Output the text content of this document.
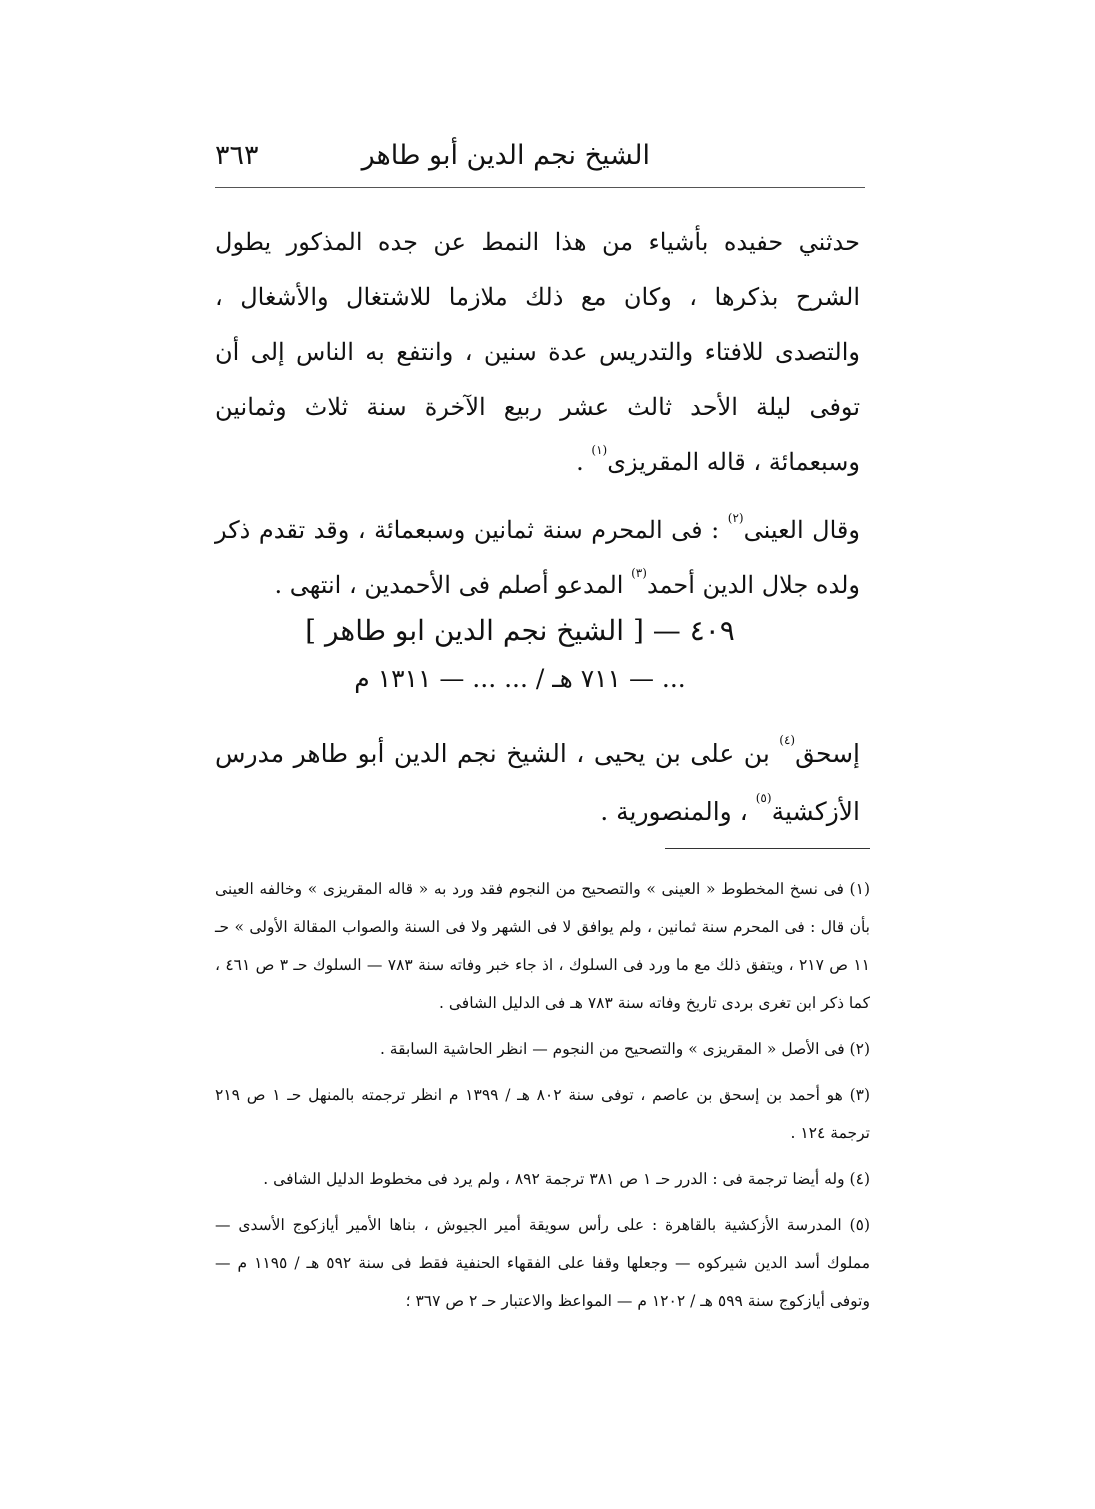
الشيخ نجم الدين أبو طاهر
٣٦٣

حدثني حفيده بأشياء من هذا النمط عن جده المذكور يطول الشرح بذكرها ، وكان مع ذلك ملازما للاشتغال والأشغال ، والتصدى للافتاء والتدريس عدة سنين ، وانتفع به الناس إلى أن توفى ليلة الأحد ثالث عشر ربيع الآخرة سنة ثلاث وثمانين وسبعمائة ، قاله المقريزى$^{(١)}$ .

وقال العينى$^{(٢)}$ : فى المحرم سنة ثمانين وسبعمائة ، وقد تقدم ذكر ولده جلال الدين أحمد$^{(٣)}$ المدعو أصلم فى الأحمدين ، انتهى .

٤٠٩ — [ الشيخ نجم الدين ابو طاهر ]
... — ٧١١ هـ / ... ... — ١٣١١ م
إسحق$^{(٤)}$ بن على بن يحيى ، الشيخ نجم الدين أبو طاهر مدرس الأزكشية$^{(٥)}$ ، والمنصورية .

(١) فى نسخ المخطوط « العينى » والتصحيح من النجوم فقد ورد به « قاله المقريزى » وخالفه العينى بأن قال : فى المحرم سنة ثمانين ، ولم يوافق لا فى الشهر ولا فى السنة والصواب المقالة الأولى » حـ ١١ ص ٢١٧ ، ويتفق ذلك مع ما ورد فى السلوك ، اذ جاء خبر وفاته سنة ٧٨٣ — السلوك حـ ٣ ص ٤٦١ ، كما ذكر ابن تغرى بردى تاريخ وفاته سنة ٧٨٣ هـ فى الدليل الشافى .

(٢) فى الأصل « المقريزى » والتصحيح من النجوم — انظر الحاشية السابقة .

(٣) هو أحمد بن إسحق بن عاصم ، توفى سنة ٨٠٢ هـ / ١٣٩٩ م انظر ترجمته بالمنهل حـ ١ ص ٢١٩ ترجمة ١٢٤ .

(٤) وله أيضا ترجمة فى : الدرر حـ ١ ص ٣٨١ ترجمة ٨٩٢ ، ولم يرد فى مخطوط الدليل الشافى .

(٥) المدرسة الأزكشية بالقاهرة : على رأس سويقة أمير الجيوش ، بناها الأمير أيازكوج الأسدى — مملوك أسد الدين شيركوه — وجعلها وقفا على الفقهاء الحنفية فقط فى سنة ٥٩٢ هـ / ١١٩٥ م — وتوفى أيازكوج سنة ٥٩٩ هـ / ١٢٠٢ م — المواعظ والاعتبار حـ ٢ ص ٣٦٧ ؛
